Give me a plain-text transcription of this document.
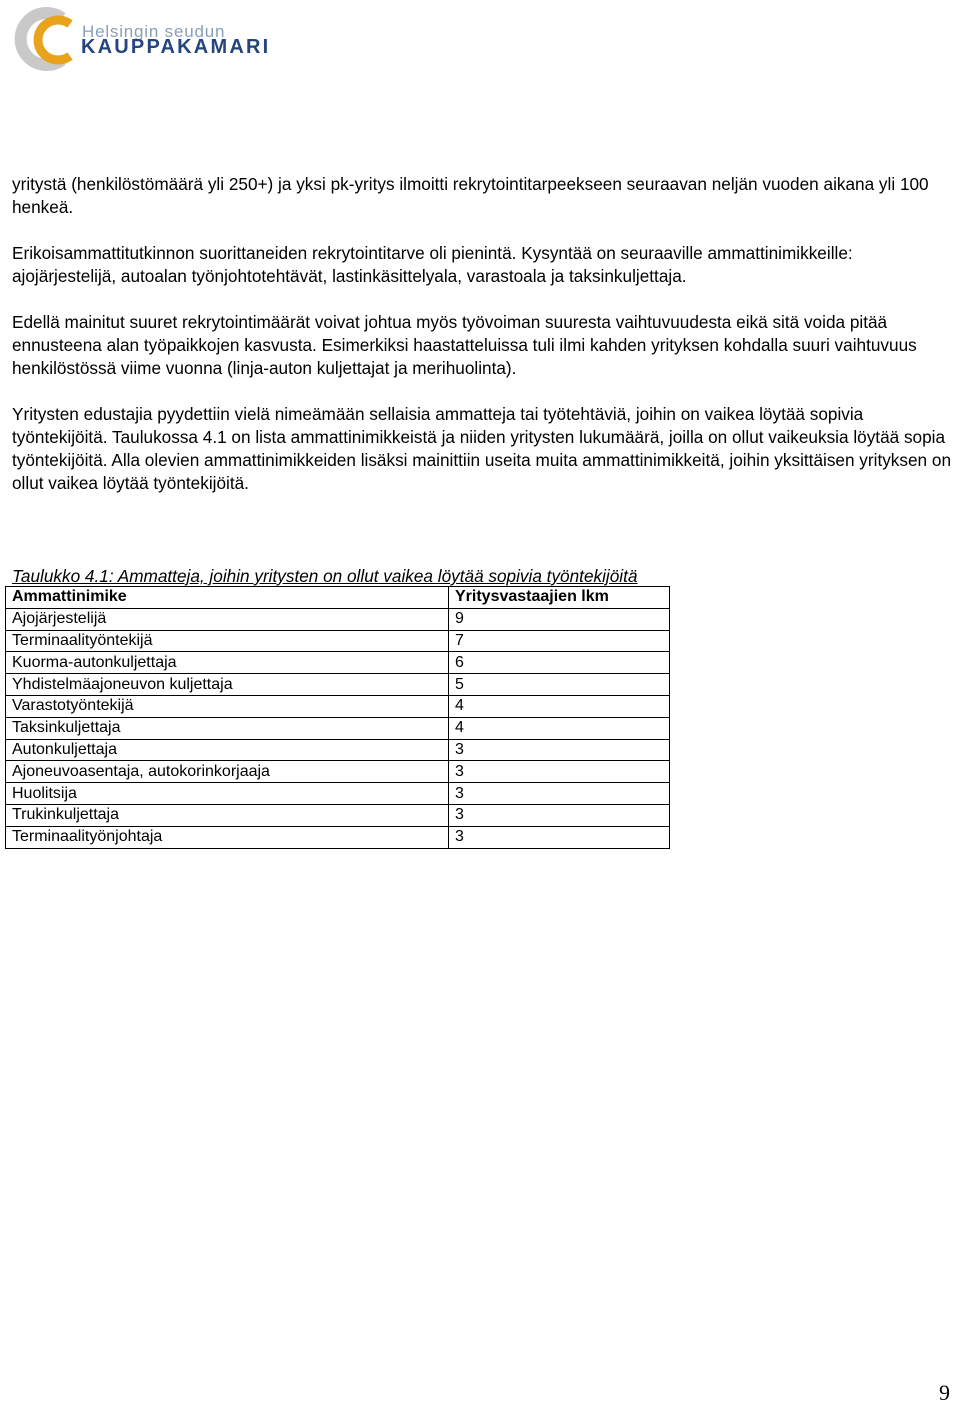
Helsingin seudun
KAUPPAKAMARI

yritystä (henkilöstömäärä yli 250+) ja yksi pk-yritys ilmoitti rekrytointitarpeekseen seuraavan neljän vuoden aikana yli 100 henkeä.

Erikoisammattitutkinnon suorittaneiden rekrytointitarve oli pienintä. Kysyntää on seuraaville ammattinimikkeille: ajojärjestelijä, autoalan työnjohtotehtävät, lastinkäsittelyala, varastoala ja taksinkuljettaja.

Edellä mainitut suuret rekrytointimäärät voivat johtua myös työvoiman suuresta vaihtuvuudesta eikä sitä voida pitää ennusteena alan työpaikkojen kasvusta. Esimerkiksi haastatteluissa tuli ilmi kahden yrityksen kohdalla suuri vaihtuvuus henkilöstössä viime vuonna (linja-auton kuljettajat ja merihuolinta).

Yritysten edustajia pyydettiin vielä nimeämään sellaisia ammatteja tai työtehtäviä, joihin on vaikea löytää sopivia työntekijöitä. Taulukossa 4.1 on lista ammattinimikkeistä ja niiden yritysten lukumäärä, joilla on ollut vaikeuksia löytää sopia työntekijöitä. Alla olevien ammattinimikkeiden lisäksi mainittiin useita muita ammattinimikkeitä, joihin yksittäisen yrityksen on ollut vaikea löytää työntekijöitä.

Taulukko 4.1: Ammatteja, joihin yritysten on ollut vaikea löytää sopivia työntekijöitä
Ammattinimike	Yritysvastaajien lkm
Ajojärjestelijä	9
Terminaalityöntekijä	7
Kuorma-autonkuljettaja	6
Yhdistelmäajoneuvon kuljettaja	5
Varastotyöntekijä	4
Taksinkuljettaja	4
Autonkuljettaja	3
Ajoneuvoasentaja, autokorinkorjaaja	3
Huolitsija	3
Trukinkuljettaja	3
Terminaalityönjohtaja	3
9
